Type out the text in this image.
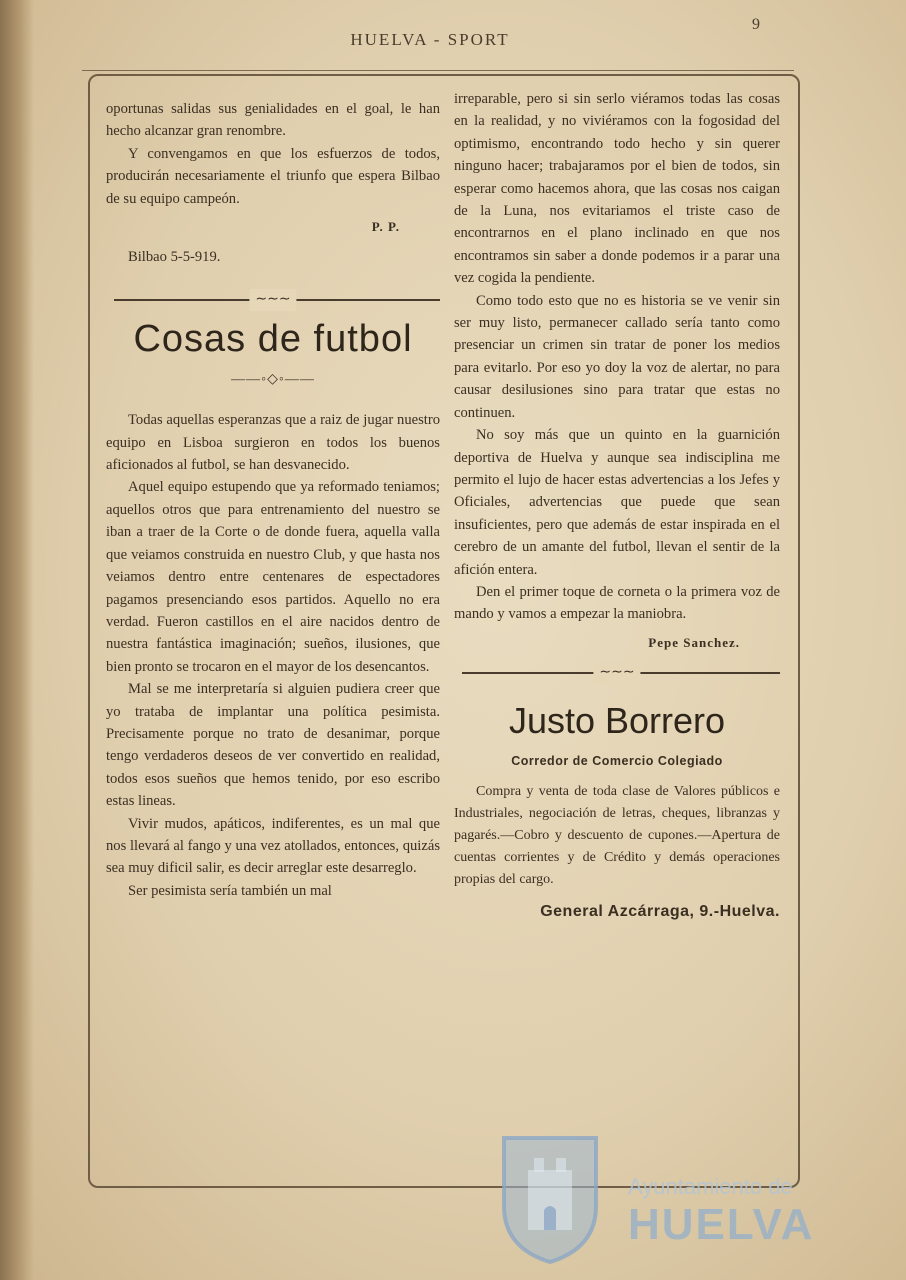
HUELVA - SPORT
9

oportunas salidas sus genialidades en el goal, le han hecho alcanzar gran renombre.

Y convengamos en que los esfuerzos de todos, producirán necesariamente el triunfo que espera Bilbao de su equipo campeón.

P. P.

Bilbao 5-5-919.

∼∼∼

Cosas de futbol

——◦◇◦——

Todas aquellas esperanzas que a raiz de jugar nuestro equipo en Lisboa surgieron en todos los buenos aficionados al futbol, se han desvanecido.

Aquel equipo estupendo que ya reformado teniamos; aquellos otros que para entrenamiento del nuestro se iban a traer de la Corte o de donde fuera, aquella valla que veiamos construida en nuestro Club, y que hasta nos veiamos dentro entre centenares de espectadores pagamos presenciando esos partidos. Aquello no era verdad. Fueron castillos en el aire nacidos dentro de nuestra fantástica imaginación; sueños, ilusiones, que bien pronto se trocaron en el mayor de los desencantos.

Mal se me interpretaría si alguien pudiera creer que yo trataba de implantar una política pesimista. Precisamente porque no trato de desanimar, porque tengo verdaderos deseos de ver convertido en realidad, todos esos sueños que hemos tenido, por eso escribo estas lineas.

Vivir mudos, apáticos, indiferentes, es un mal que nos llevará al fango y una vez atollados, entonces, quizás sea muy dificil salir, es decir arreglar este desarreglo.

Ser pesimista sería también un mal

irreparable, pero si sin serlo viéramos todas las cosas en la realidad, y no viviéramos con la fogosidad del optimismo, encontrando todo hecho y sin querer ninguno hacer; trabajaramos por el bien de todos, sin esperar como hacemos ahora, que las cosas nos caigan de la Luna, nos evitariamos el triste caso de encontrarnos en el plano inclinado en que nos encontramos sin saber a donde podemos ir a parar una vez cogida la pendiente.

Como todo esto que no es historia se ve venir sin ser muy listo, permanecer callado sería tanto como presenciar un crimen sin tratar de poner los medios para evitarlo. Por eso yo doy la voz de alertar, no para causar desilusiones sino para tratar que estas no continuen.

No soy más que un quinto en la guarnición deportiva de Huelva y aunque sea indisciplina me permito el lujo de hacer estas advertencias a los Jefes y Oficiales, advertencias que puede que sean insuficientes, pero que además de estar inspirada en el cerebro de un amante del futbol, llevan el sentir de la afición entera.

Den el primer toque de corneta o la primera voz de mando y vamos a empezar la maniobra.

Pepe Sanchez.

∼∼∼

Justo Borrero

Corredor de Comercio Colegiado

Compra y venta de toda clase de Valores públicos e Industriales, negociación de letras, cheques, libranzas y pagarés.—Cobro y descuento de cupones.—Apertura de cuentas corrientes y de Crédito y demás operaciones propias del cargo.

General Azcárraga, 9.-Huelva.

Ayuntamiento de
HUELVA
